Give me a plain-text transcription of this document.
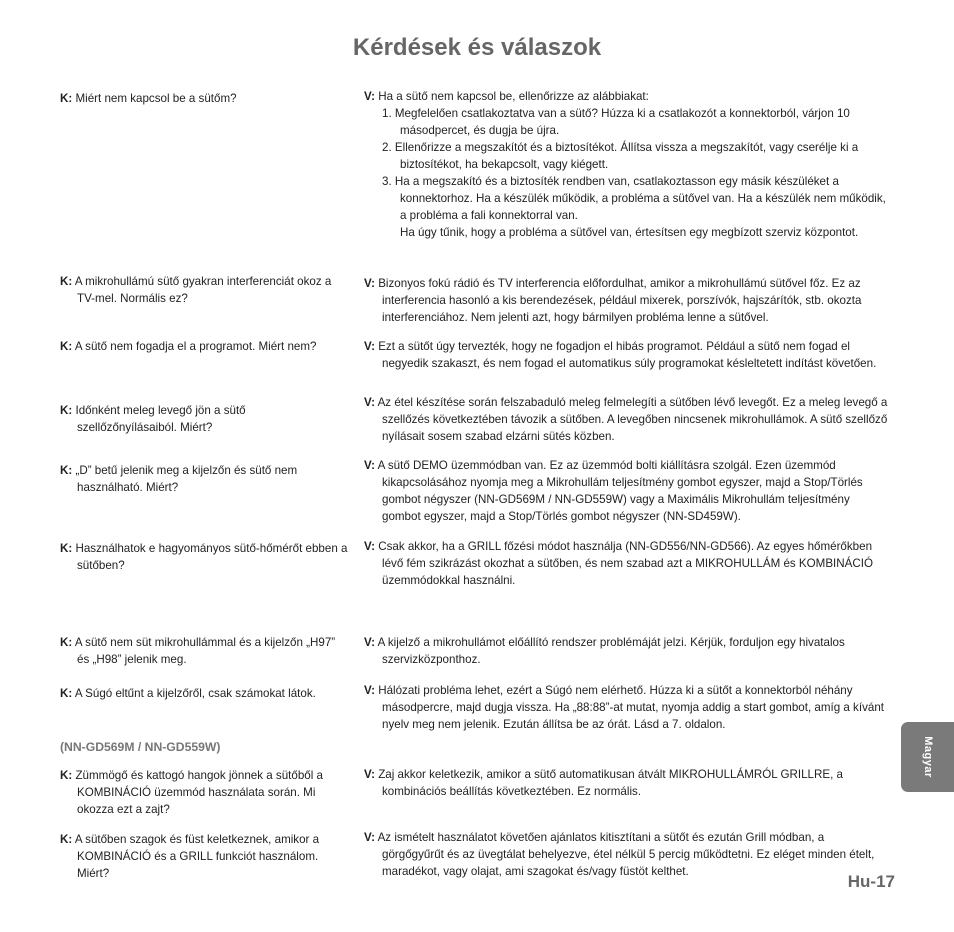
Kérdések és válaszok
K: Miért nem kapcsol be a sütőm?	V: Ha a sütő nem kapcsol be, ellenőrizze az alábbiakat:
1. Megfelelően csatlakoztatva van a sütő? Húzza ki a csatlakozót a konnektorból, várjon 10 másodpercet, és dugja be újra.
2. Ellenőrizze a megszakítót és a biztosítékot. Állítsa vissza a megszakítót, vagy cserélje ki a biztosítékot, ha bekapcsolt, vagy kiégett.
3. Ha a megszakító és a biztosíték rendben van, csatlakoztasson egy másik készüléket a konnektorhoz. Ha a készülék működik, a probléma a sütővel van. Ha a készülék nem működik, a probléma a fali konnektorral van.
Ha úgy tűnik, hogy a probléma a sütővel van, értesítsen egy megbízott szerviz központot.
K: A mikrohullámú sütő gyakran interferenciát okoz a TV-mel. Normális ez?
V: Bizonyos fokú rádió és TV interferencia előfordulhat, amikor a mikrohullámú sütővel főz. Ez az interferencia hasonló a kis berendezések, például mixerek, porszívók, hajszárítók, stb. okozta interferenciához. Nem jelenti azt, hogy bármilyen probléma lenne a sütővel.
K: A sütő nem fogadja el a programot. Miért nem?	V: Ezt a sütőt úgy tervezték, hogy ne fogadjon el hibás programot. Például a sütő nem fogad el negyedik szakaszt, és nem fogad el automatikus súly programokat késleltetett indítást követően.
K: Időnként meleg levegő jön a sütő szellőzőnyílásaiból. Miért?
V: Az étel készítése során felszabaduló meleg felmelegíti a sütőben lévő levegőt. Ez a meleg levegő a szellőzés következtében távozik a sütőben. A levegőben nincsenek mikrohullámok. A sütő szellőző nyílásait sosem szabad elzárni sütés közben.
K: „D” betű jelenik meg a kijelzőn és sütő nem használható. Miért?
V: A sütő DEMO üzemmódban van. Ez az üzemmód bolti kiállításra szolgál. Ezen üzemmód kikapcsolásához nyomja meg a Mikrohullám teljesítmény gombot egyszer, majd a Stop/Törlés gombot négyszer (NN-GD569M / NN-GD559W) vagy a Maximális Mikrohullám teljesítmény gombot egyszer, majd a Stop/Törlés gombot négyszer (NN-SD459W).
K: Használhatok e hagyományos sütő-hőmérőt ebben a sütőben?
V: Csak akkor, ha a GRILL főzési módot használja (NN-GD556/NN-GD566). Az egyes hőmérőkben lévő fém szikrázást okozhat a sütőben, és nem szabad azt a MIKROHULLÁM és KOMBINÁCIÓ üzemmódokkal használni.
K: A sütő nem süt mikrohullámmal és a kijelzőn „H97” és „H98” jelenik meg.
V: A kijelző a mikrohullámot előállító rendszer problémáját jelzi. Kérjük, forduljon egy hivatalos szervizközponthoz.
K: A Súgó eltűnt a kijelzőről, csak számokat látok.	V: Hálózati probléma lehet, ezért a Súgó nem elérhető. Húzza ki a sütőt a konnektorból néhány másodpercre, majd dugja vissza. Ha „88:88”-at mutat, nyomja addig a start gombot, amíg a kívánt nyelv meg nem jelenik. Ezután állítsa be az órát. Lásd a 7. oldalon.
(NN-GD569M / NN-GD559W)
K: Zümmögő és kattogó hangok jönnek a sütőből a KOMBINÁCIÓ üzemmód használata során. Mi okozza ezt a zajt?
V: Zaj akkor keletkezik, amikor a sütő automatikusan átvált MIKROHULLÁMRÓL GRILLRE, a kombinációs beállítás következtében. Ez normális.
K: A sütőben szagok és füst keletkeznek, amikor a KOMBINÁCIÓ és a GRILL funkciót használom. Miért?
V: Az ismételt használatot követően ajánlatos kitisztítani a sütőt és ezután Grill módban, a görgőgyűrűt és az üvegtálat behelyezve, étel nélkül 5 percig működtetni. Ez eléget minden ételt, maradékot, vagy olajat, ami szagokat és/vagy füstöt kelthet.
Magyar
Hu-17
